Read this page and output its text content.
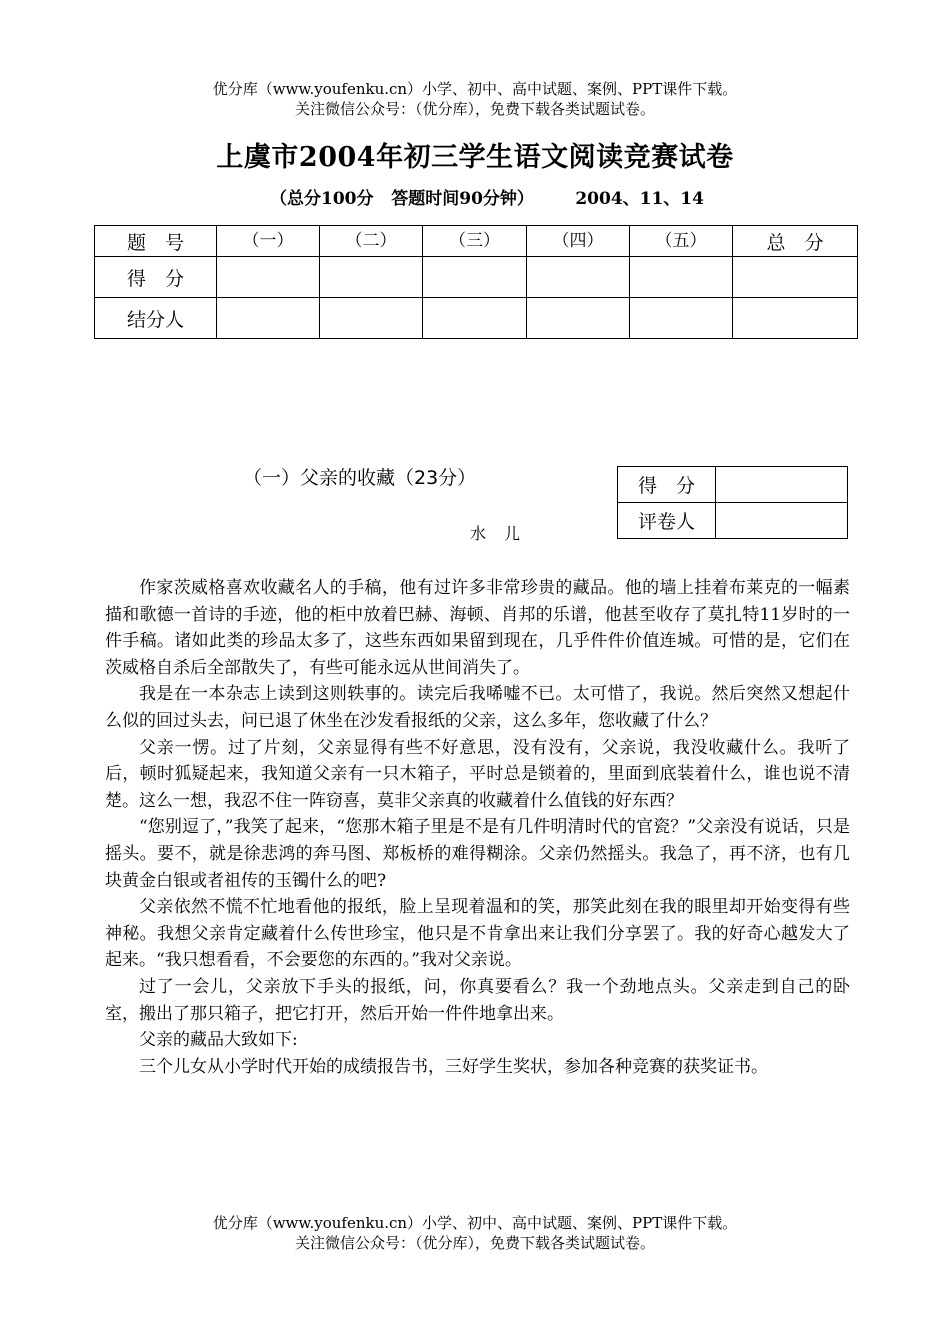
优分库（www.youfenku.cn）小学、初中、高中试题、案例、PPT课件下载。
关注微信公众号：（优分库），免费下载各类试题试卷。
上虞市2004年初三学生语文阅读竞赛试卷
（总分100分   答题时间90分钟）       2004、11、14
题　号	（一）	（二）	（三）	（四）	（五）	总　分
得　分						
结分人						
（一）父亲的收藏（23分）	得　分	
评卷人	
水　儿

作家茨威格喜欢收藏名人的手稿，他有过许多非常珍贵的藏品。他的墙上挂着布莱克的一幅素描和歌德一首诗的手迹，他的柜中放着巴赫、海顿、肖邦的乐谱，他甚至收存了莫扎特11岁时的一件手稿。诸如此类的珍品太多了，这些东西如果留到现在，几乎件件价值连城。可惜的是，它们在茨威格自杀后全部散失了，有些可能永远从世间消失了。

我是在一本杂志上读到这则轶事的。读完后我唏嘘不已。太可惜了，我说。然后突然又想起什么似的回过头去，问已退了休坐在沙发看报纸的父亲，这么多年，您收藏了什么？

父亲一愣。过了片刻，父亲显得有些不好意思，没有没有，父亲说，我没收藏什么。我听了后，顿时狐疑起来，我知道父亲有一只木箱子，平时总是锁着的，里面到底装着什么，谁也说不清楚。这么一想，我忍不住一阵窃喜，莫非父亲真的收藏着什么值钱的好东西？

“您别逗了，”我笑了起来，“您那木箱子里是不是有几件明清时代的官瓷？”父亲没有说话，只是摇头。要不，就是徐悲鸿的奔马图、郑板桥的难得糊涂。父亲仍然摇头。我急了，再不济，也有几块黄金白银或者祖传的玉镯什么的吧?

父亲依然不慌不忙地看他的报纸，脸上呈现着温和的笑，那笑此刻在我的眼里却开始变得有些神秘。我想父亲肯定藏着什么传世珍宝，他只是不肯拿出来让我们分享罢了。我的好奇心越发大了起来。“我只想看看，不会要您的东西的。”我对父亲说。

过了一会儿，父亲放下手头的报纸，问，你真要看么？我一个劲地点头。父亲走到自己的卧室，搬出了那只箱子，把它打开，然后开始一件件地拿出来。

父亲的藏品大致如下:

三个儿女从小学时代开始的成绩报告书，三好学生奖状，参加各种竞赛的获奖证书。

优分库（www.youfenku.cn）小学、初中、高中试题、案例、PPT课件下载。
关注微信公众号：（优分库），免费下载各类试题试卷。
